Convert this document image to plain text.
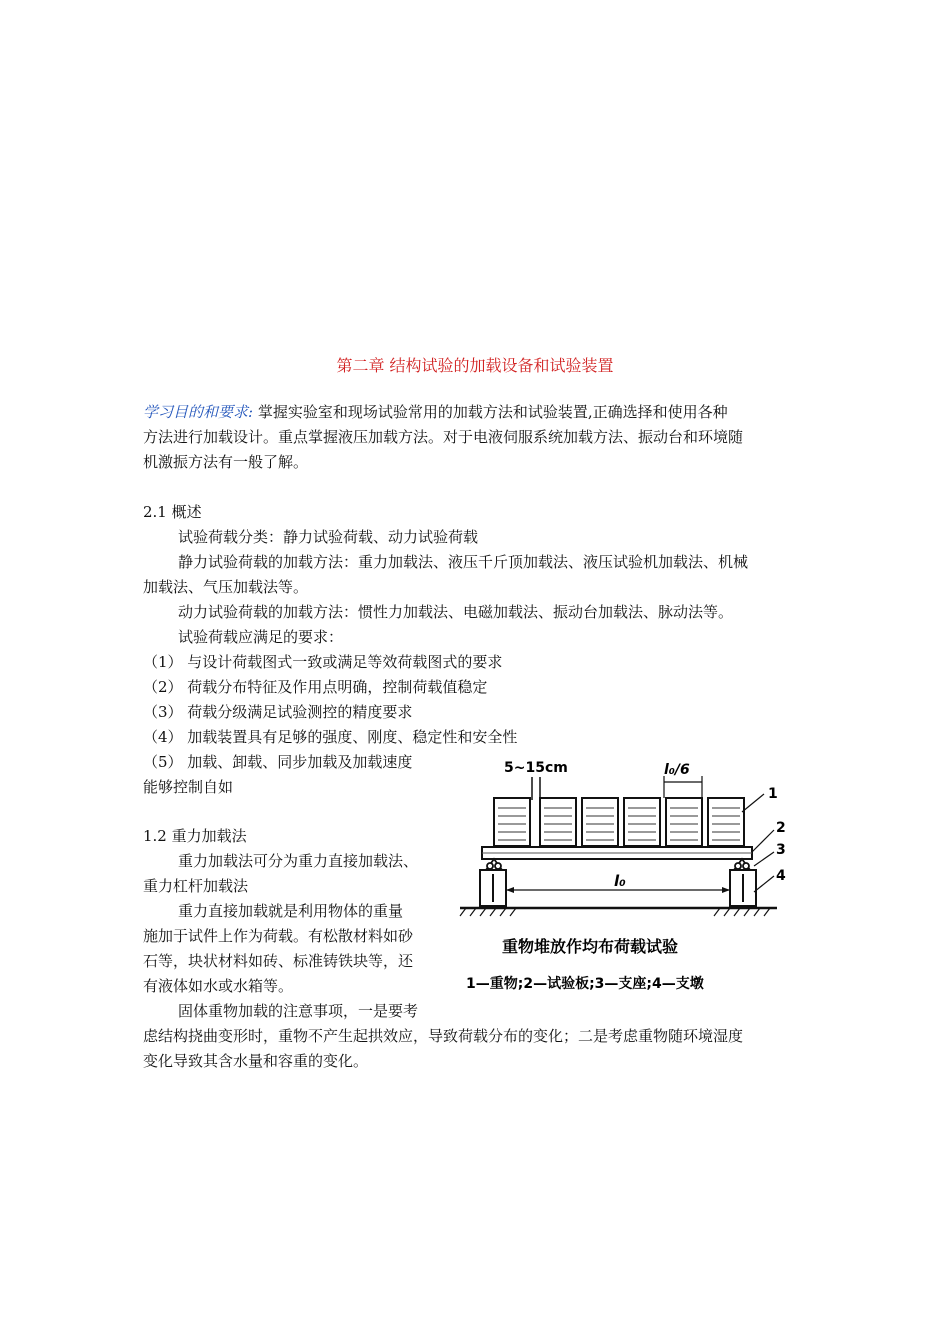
第二章 结构试验的加载设备和试验装置
学习目的和要求: 掌握实验室和现场试验常用的加载方法和试验装置,正确选择和使用各种
方法进行加载设计。重点掌握液压加载方法。对于电液伺服系统加载方法、振动台和环境随
机激振方法有一般了解。
2.1 概述
试验荷载分类：静力试验荷载、动力试验荷载
静力试验荷载的加载方法：重力加载法、液压千斤顶加载法、液压试验机加载法、机械
加载法、气压加载法等。
动力试验荷载的加载方法：惯性力加载法、电磁加载法、振动台加载法、脉动法等。
试验荷载应满足的要求：
（1） 与设计荷载图式一致或满足等效荷载图式的要求
（2） 荷载分布特征及作用点明确，控制荷载值稳定
（3） 荷载分级满足试验测控的精度要求
（4） 加载装置具有足够的强度、刚度、稳定性和安全性
（5） 加载、卸载、同步加载及加载速度
能够控制自如
1.2 重力加载法
重力加载法可分为重力直接加载法、
重力杠杆加载法
重力直接加载就是利用物体的重量
施加于试件上作为荷载。有松散材料如砂
石等，块状材料如砖、标准铸铁块等，还
有液体如水或水箱等。
固体重物加载的注意事项，一是要考
虑结构挠曲变形时，重物不产生起拱效应，导致荷载分布的变化；二是考虑重物随环境湿度
变化导致其含水量和容重的变化。
5~15cm	l₀/6
l₀
1
2
3
4
重物堆放作均布荷载试验
1—重物;2—试验板;3—支座;4—支墩
